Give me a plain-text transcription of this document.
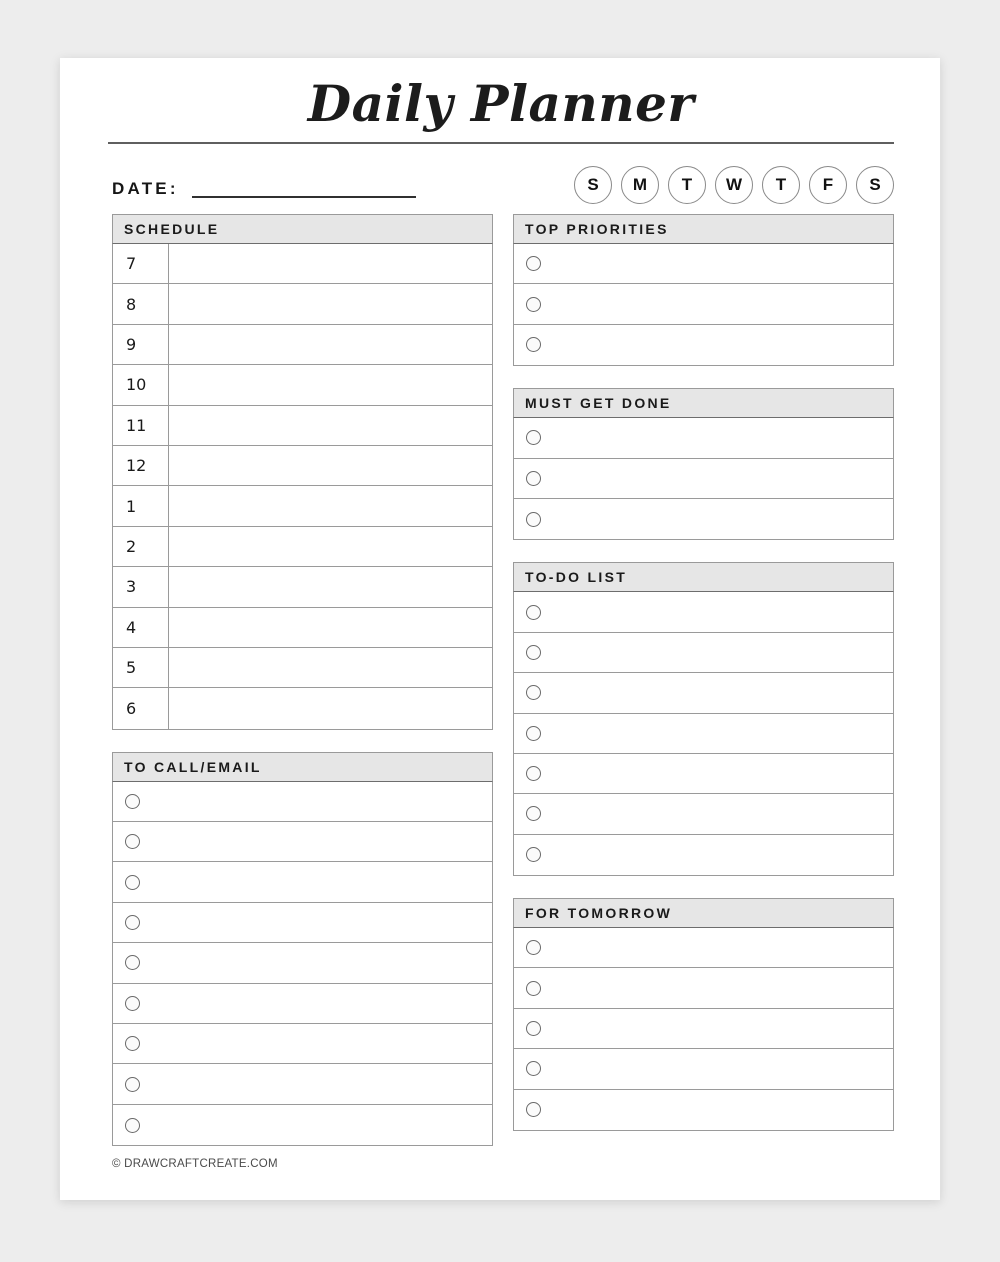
Daily Planner
DATE:	S M T W T F S
SCHEDULE
7
8
9
10
11
12
1
2
3
4
5
6
TO CALL/EMAIL
TOP PRIORITIES
MUST GET DONE
TO-DO LIST
FOR TOMORROW
© DRAWCRAFTCREATE.COM
